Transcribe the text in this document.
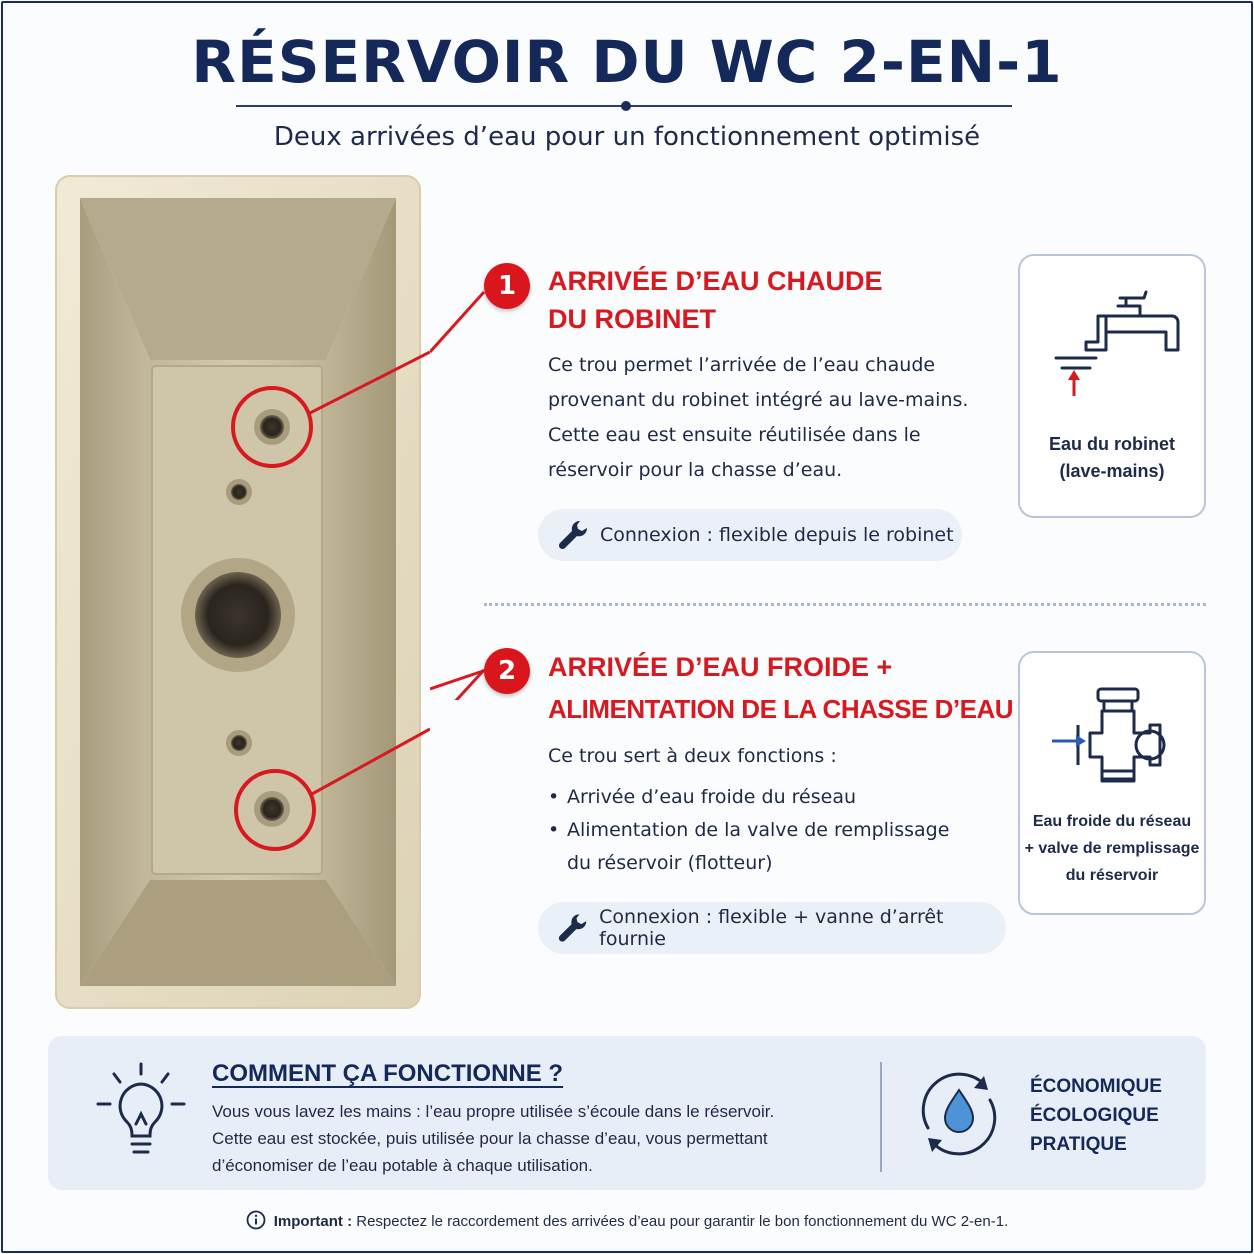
RÉSERVOIR DU WC 2-EN-1
Deux arrivées d’eau pour un fonctionnement optimisé
1	ARRIVÉE D’EAU CHAUDE
DU ROBINET
Ce trou permet l’arrivée de l’eau chaude
provenant du robinet intégré au lave-mains.
Cette eau est ensuite réutilisée dans le
réservoir pour la chasse d’eau.
Connexion : flexible depuis le robinet
Eau du robinet
(lave-mains)
2	ARRIVÉE D’EAU FROIDE +
ALIMENTATION DE LA CHASSE D’EAU
Ce trou sert à deux fonctions :
• Arrivée d’eau froide du réseau
• Alimentation de la valve de remplissage
du réservoir (flotteur)
Connexion : flexible + vanne d’arrêt fournie
Eau froide du réseau
+ valve de remplissage
du réservoir
COMMENT ÇA FONCTIONNE ?
Vous vous lavez les mains : l’eau propre utilisée s’écoule dans le réservoir.
Cette eau est stockée, puis utilisée pour la chasse d’eau, vous permettant
d’économiser de l’eau potable à chaque utilisation.
ÉCONOMIQUE
ÉCOLOGIQUE
PRATIQUE
Important : Respectez le raccordement des arrivées d’eau pour garantir le bon fonctionnement du WC 2-en-1.
